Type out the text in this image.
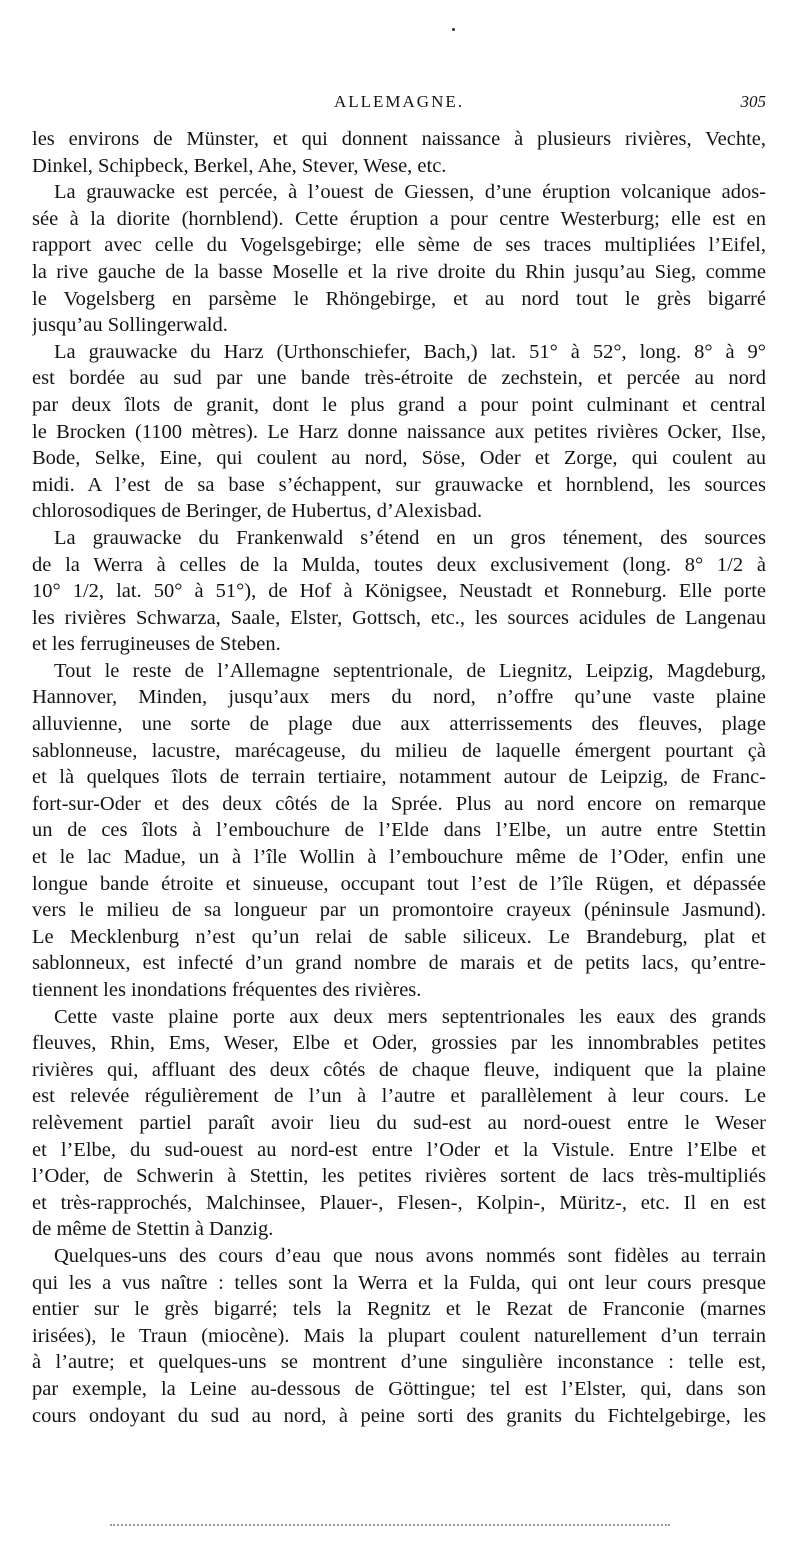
ALLEMAGNE.	305
les environs de Münster, et qui donnent naissance à plusieurs rivières, Vechte,
Dinkel, Schipbeck, Berkel, Ahe, Stever, Wese, etc.
La grauwacke est percée, à l’ouest de Giessen, d’une éruption volcanique ados-
sée à la diorite (hornblend). Cette éruption a pour centre Westerburg; elle est en
rapport avec celle du Vogelsgebirge; elle sème de ses traces multipliées l’Eifel,
la rive gauche de la basse Moselle et la rive droite du Rhin jusqu’au Sieg, comme
le Vogelsberg en parsème le Rhöngebirge, et au nord tout le grès bigarré
jusqu’au Sollingerwald.
La grauwacke du Harz (Urthonschiefer, Bach,) lat. 51° à 52°, long. 8° à 9°
est bordée au sud par une bande très-étroite de zechstein, et percée au nord
par deux îlots de granit, dont le plus grand a pour point culminant et central
le Brocken (1100 mètres). Le Harz donne naissance aux petites rivières Ocker, Ilse,
Bode, Selke, Eine, qui coulent au nord, Söse, Oder et Zorge, qui coulent au
midi. A l’est de sa base s’échappent, sur grauwacke et hornblend, les sources
chlorosodiques de Beringer, de Hubertus, d’Alexisbad.
La grauwacke du Frankenwald s’étend en un gros ténement, des sources
de la Werra à celles de la Mulda, toutes deux exclusivement (long. 8° 1/2 à
10° 1/2, lat. 50° à 51°), de Hof à Königsee, Neustadt et Ronneburg. Elle porte
les rivières Schwarza, Saale, Elster, Gottsch, etc., les sources acidules de Langenau
et les ferrugineuses de Steben.
Tout le reste de l’Allemagne septentrionale, de Liegnitz, Leipzig, Magdeburg,
Hannover, Minden, jusqu’aux mers du nord, n’offre qu’une vaste plaine
alluvienne, une sorte de plage due aux atterrissements des fleuves, plage
sablonneuse, lacustre, marécageuse, du milieu de laquelle émergent pourtant çà
et là quelques îlots de terrain tertiaire, notamment autour de Leipzig, de Franc-
fort-sur-Oder et des deux côtés de la Sprée. Plus au nord encore on remarque
un de ces îlots à l’embouchure de l’Elde dans l’Elbe, un autre entre Stettin
et le lac Madue, un à l’île Wollin à l’embouchure même de l’Oder, enfin une
longue bande étroite et sinueuse, occupant tout l’est de l’île Rügen, et dépassée
vers le milieu de sa longueur par un promontoire crayeux (péninsule Jasmund).
Le Mecklenburg n’est qu’un relai de sable siliceux. Le Brandeburg, plat et
sablonneux, est infecté d’un grand nombre de marais et de petits lacs, qu’entre-
tiennent les inondations fréquentes des rivières.
Cette vaste plaine porte aux deux mers septentrionales les eaux des grands
fleuves, Rhin, Ems, Weser, Elbe et Oder, grossies par les innombrables petites
rivières qui, affluant des deux côtés de chaque fleuve, indiquent que la plaine
est relevée régulièrement de l’un à l’autre et parallèlement à leur cours. Le
relèvement partiel paraît avoir lieu du sud-est au nord-ouest entre le Weser
et l’Elbe, du sud-ouest au nord-est entre l’Oder et la Vistule. Entre l’Elbe et
l’Oder, de Schwerin à Stettin, les petites rivières sortent de lacs très-multipliés
et très-rapprochés, Malchinsee, Plauer-, Flesen-, Kolpin-, Müritz-, etc. Il en est
de même de Stettin à Danzig.
Quelques-uns des cours d’eau que nous avons nommés sont fidèles au terrain
qui les a vus naître : telles sont la Werra et la Fulda, qui ont leur cours presque
entier sur le grès bigarré; tels la Regnitz et le Rezat de Franconie (marnes
irisées), le Traun (miocène). Mais la plupart coulent naturellement d’un terrain
à l’autre; et quelques-uns se montrent d’une singulière inconstance : telle est,
par exemple, la Leine au-dessous de Göttingue; tel est l’Elster, qui, dans son
cours ondoyant du sud au nord, à peine sorti des granits du Fichtelgebirge, les
